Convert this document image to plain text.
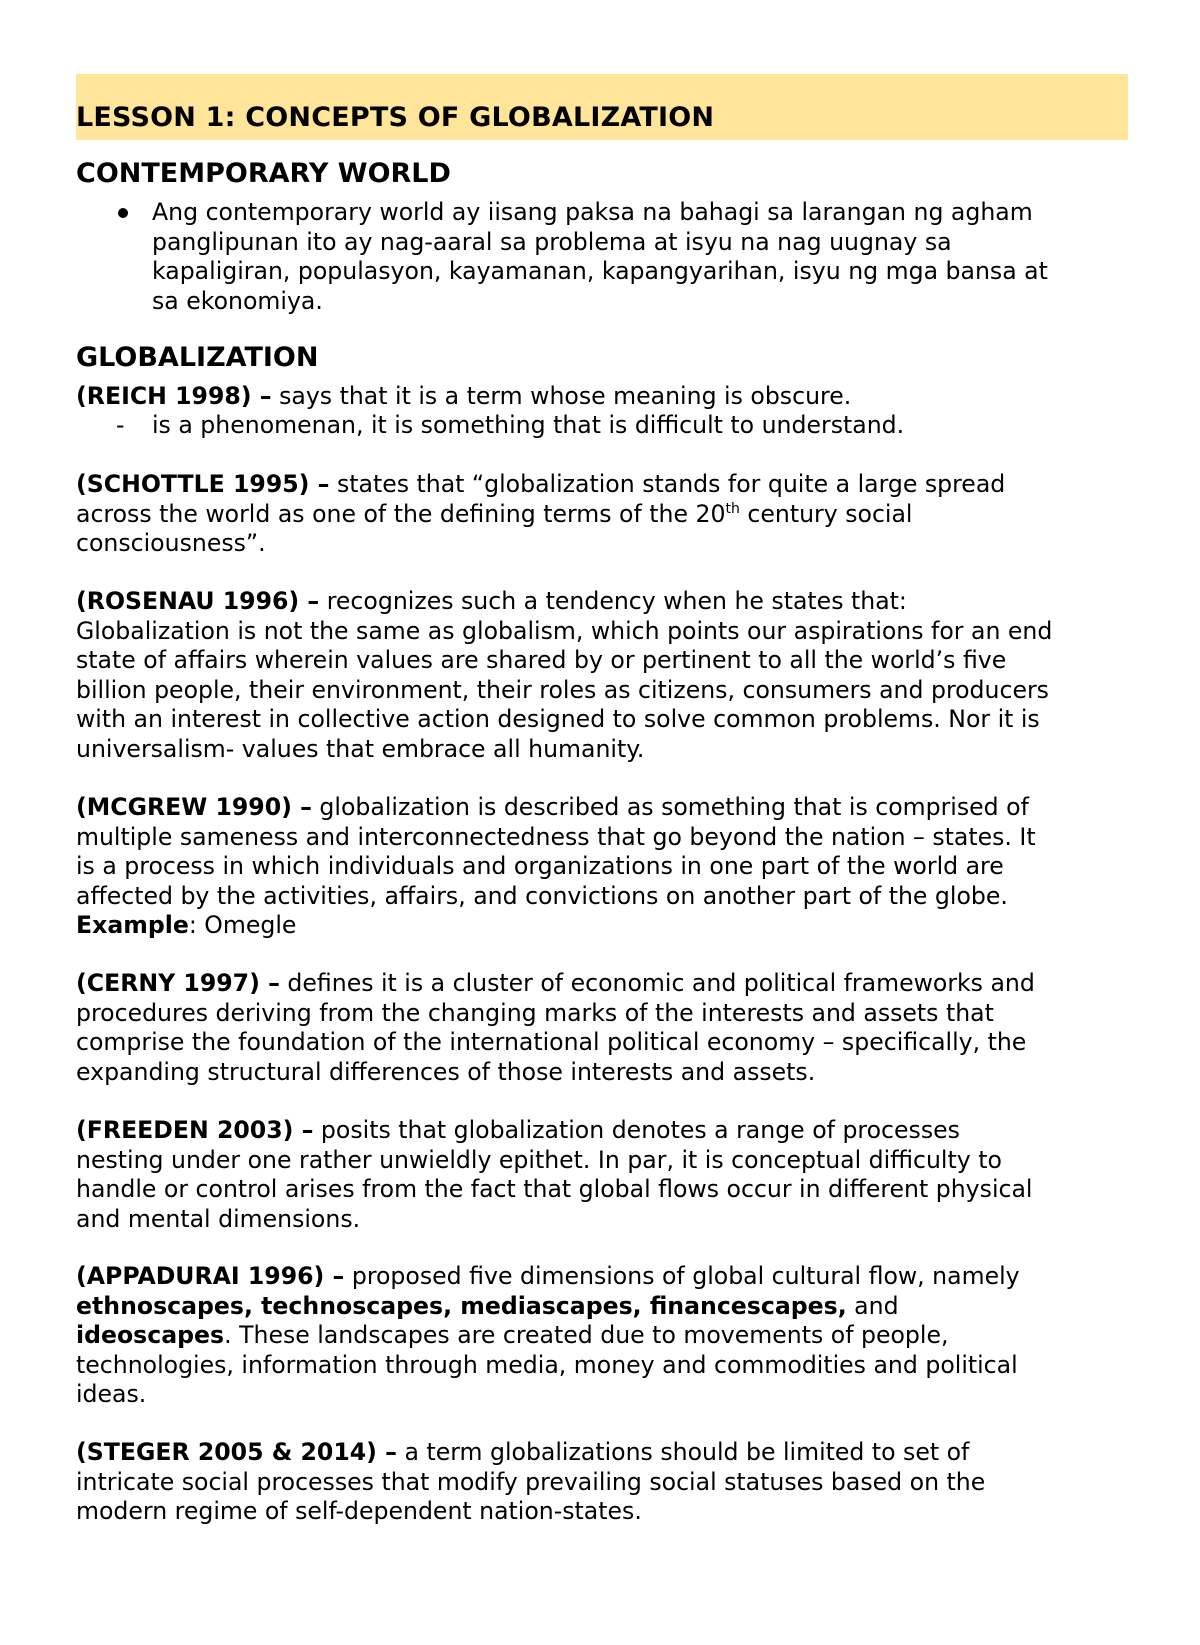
LESSON 1: CONCEPTS OF GLOBALIZATION
CONTEMPORARY WORLD
Ang contemporary world ay iisang paksa na bahagi sa larangan ng agham
panglipunan ito ay nag-aaral sa problema at isyu na nag uugnay sa
kapaligiran, populasyon, kayamanan, kapangyarihan, isyu ng mga bansa at
sa ekonomiya.
GLOBALIZATION
(REICH 1998) – says that it is a term whose meaning is obscure.
- is a phenomenan, it is something that is difficult to understand.
(SCHOTTLE 1995) – states that “globalization stands for quite a large spread
across the world as one of the defining terms of the 20th century social
consciousness”.
(ROSENAU 1996) – recognizes such a tendency when he states that:
Globalization is not the same as globalism, which points our aspirations for an end
state of affairs wherein values are shared by or pertinent to all the world’s five
billion people, their environment, their roles as citizens, consumers and producers
with an interest in collective action designed to solve common problems. Nor it is
universalism- values that embrace all humanity.
(MCGREW 1990) – globalization is described as something that is comprised of
multiple sameness and interconnectedness that go beyond the nation – states. It
is a process in which individuals and organizations in one part of the world are
affected by the activities, affairs, and convictions on another part of the globe.
Example: Omegle
(CERNY 1997) – defines it is a cluster of economic and political frameworks and
procedures deriving from the changing marks of the interests and assets that
comprise the foundation of the international political economy – specifically, the
expanding structural differences of those interests and assets.
(FREEDEN 2003) – posits that globalization denotes a range of processes
nesting under one rather unwieldly epithet. In par, it is conceptual difficulty to
handle or control arises from the fact that global flows occur in different physical
and mental dimensions.
(APPADURAI 1996) – proposed five dimensions of global cultural flow, namely
ethnoscapes, technoscapes, mediascapes, financescapes, and
ideoscapes. These landscapes are created due to movements of people,
technologies, information through media, money and commodities and political
ideas.
(STEGER 2005 & 2014) – a term globalizations should be limited to set of
intricate social processes that modify prevailing social statuses based on the
modern regime of self-dependent nation-states.
